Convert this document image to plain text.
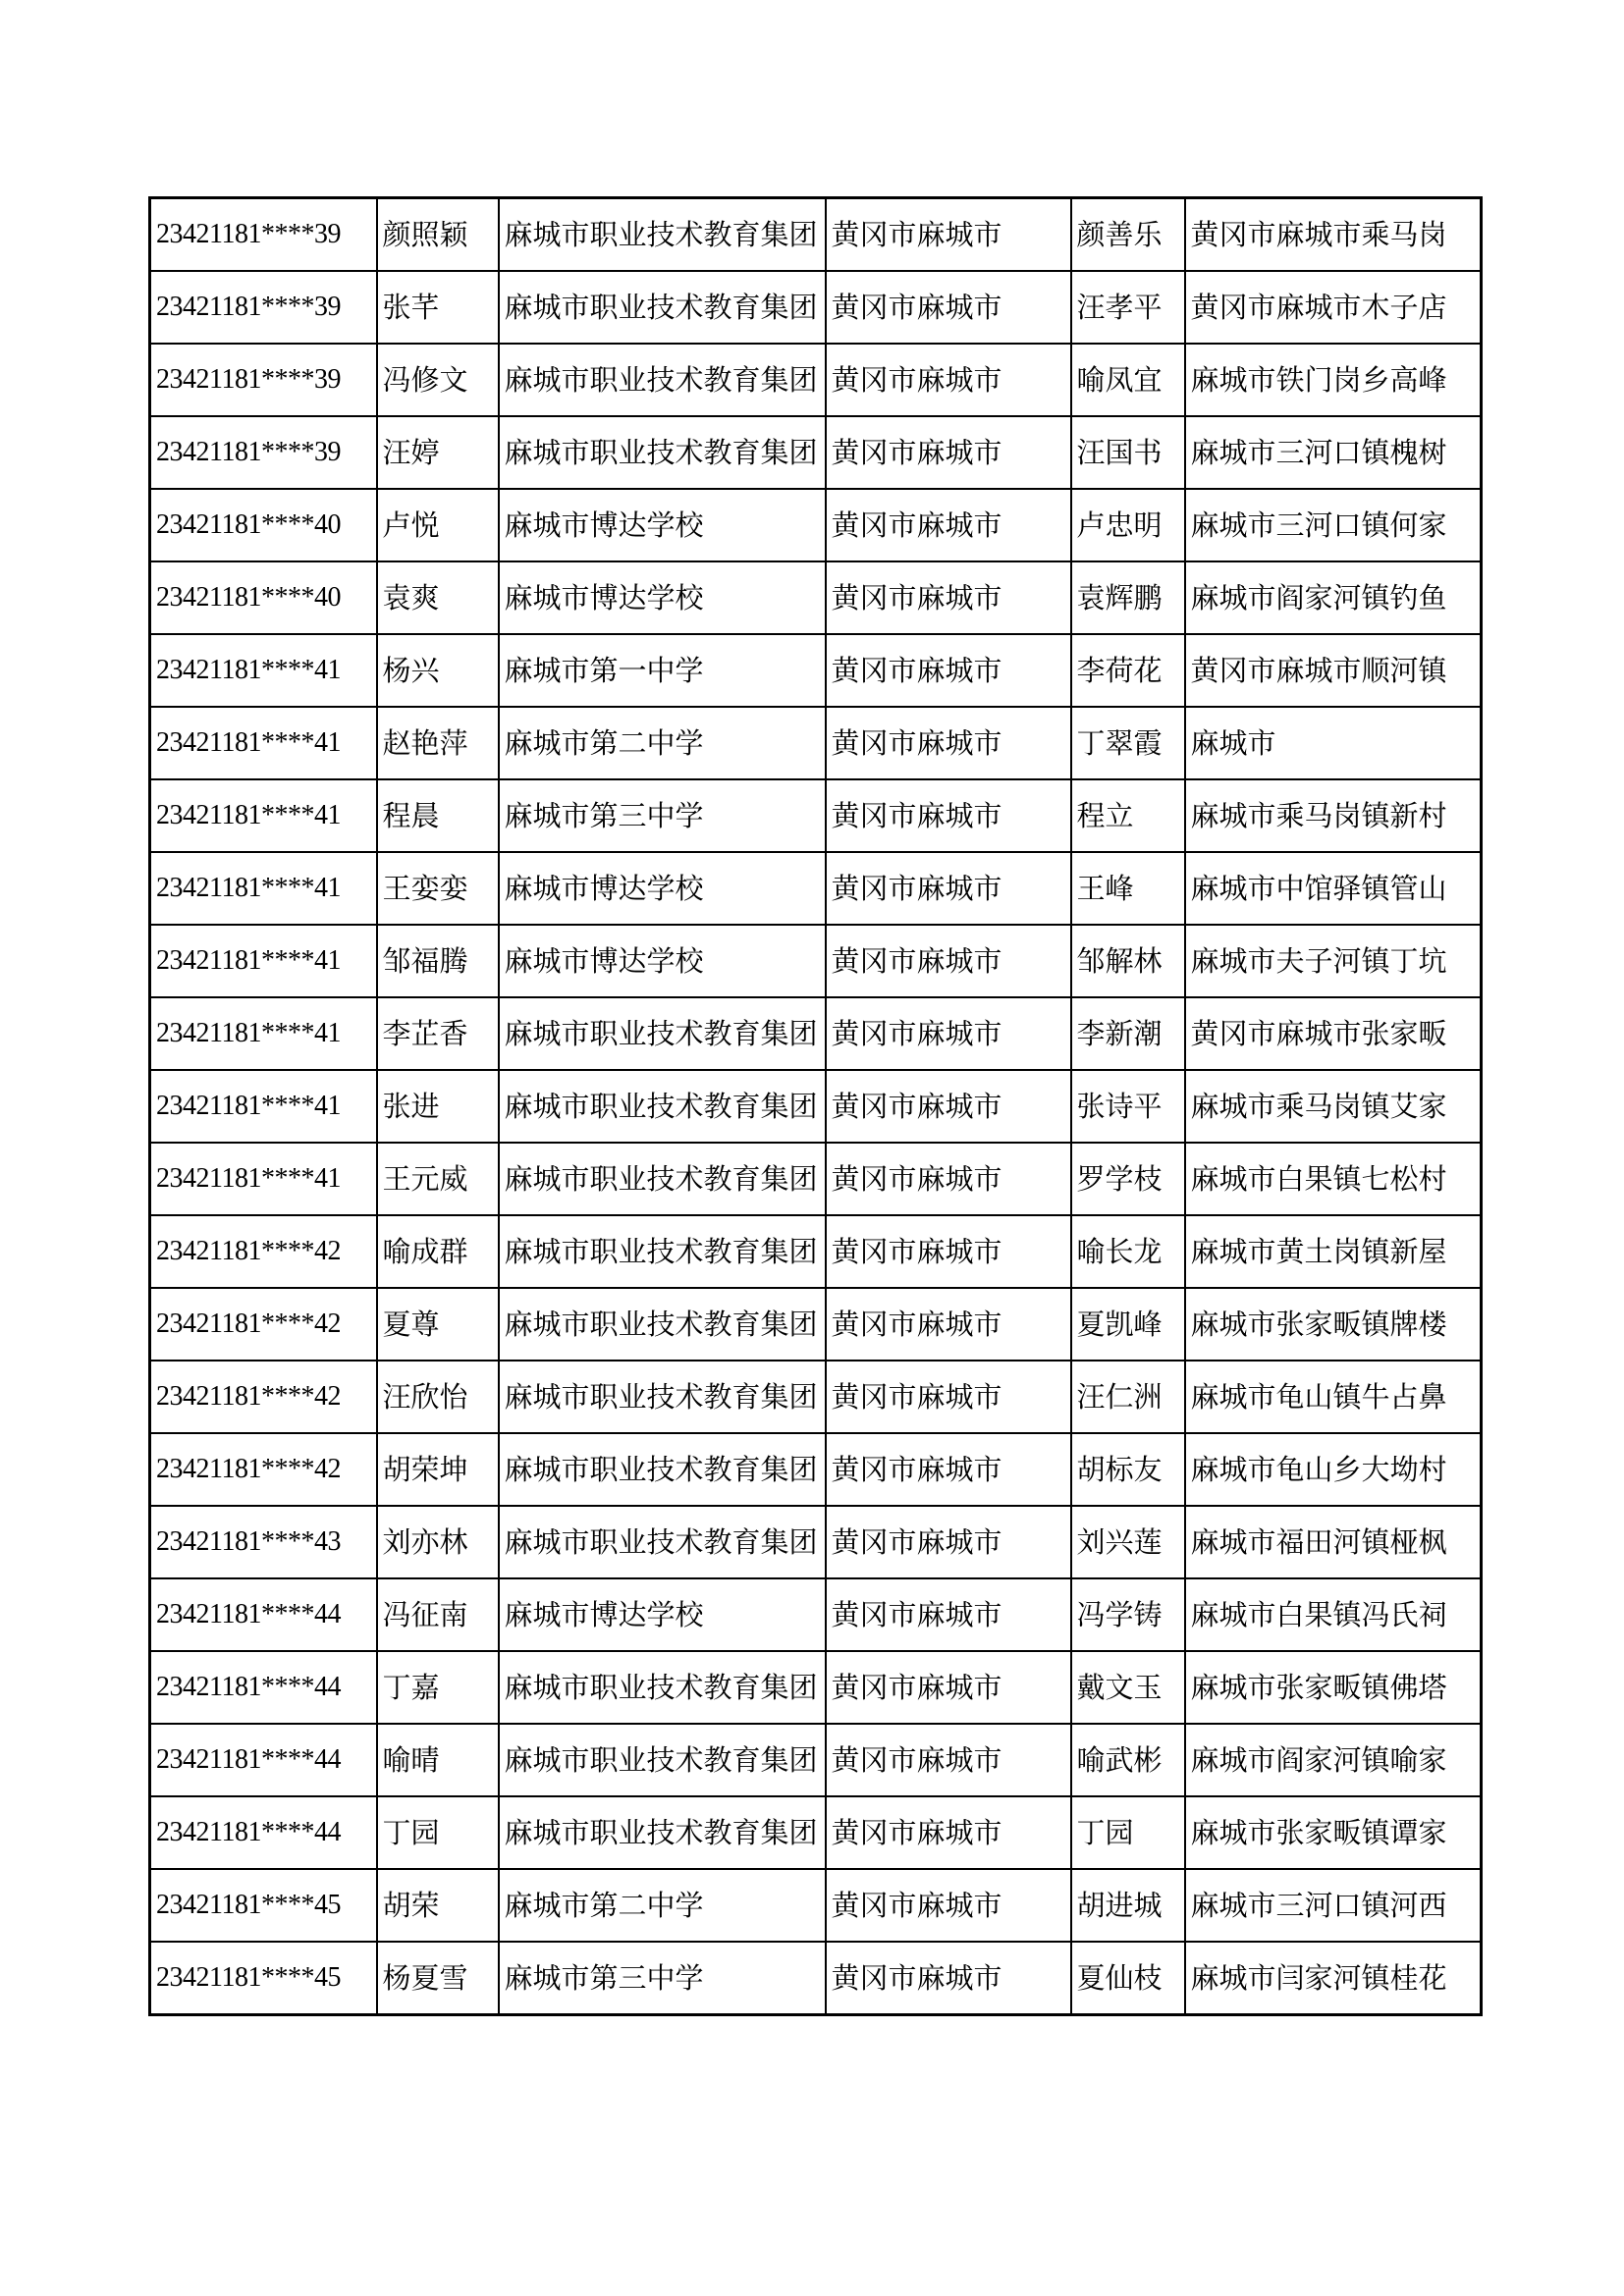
23421181****39	颜照颖	麻城市职业技术教育集团	黄冈市麻城市	颜善乐	黄冈市麻城市乘马岗
23421181****39	张芊	麻城市职业技术教育集团	黄冈市麻城市	汪孝平	黄冈市麻城市木子店
23421181****39	冯修文	麻城市职业技术教育集团	黄冈市麻城市	喻凤宜	麻城市铁门岗乡高峰
23421181****39	汪婷	麻城市职业技术教育集团	黄冈市麻城市	汪国书	麻城市三河口镇槐树
23421181****40	卢悦	麻城市博达学校	黄冈市麻城市	卢忠明	麻城市三河口镇何家
23421181****40	袁爽	麻城市博达学校	黄冈市麻城市	袁辉鹏	麻城市阎家河镇钓鱼
23421181****41	杨兴	麻城市第一中学	黄冈市麻城市	李荷花	黄冈市麻城市顺河镇
23421181****41	赵艳萍	麻城市第二中学	黄冈市麻城市	丁翠霞	麻城市
23421181****41	程晨	麻城市第三中学	黄冈市麻城市	程立	麻城市乘马岗镇新村
23421181****41	王娈娈	麻城市博达学校	黄冈市麻城市	王峰	麻城市中馆驿镇管山
23421181****41	邹福腾	麻城市博达学校	黄冈市麻城市	邹解林	麻城市夫子河镇丁坑
23421181****41	李芷香	麻城市职业技术教育集团	黄冈市麻城市	李新潮	黄冈市麻城市张家畈
23421181****41	张进	麻城市职业技术教育集团	黄冈市麻城市	张诗平	麻城市乘马岗镇艾家
23421181****41	王元威	麻城市职业技术教育集团	黄冈市麻城市	罗学枝	麻城市白果镇七松村
23421181****42	喻成群	麻城市职业技术教育集团	黄冈市麻城市	喻长龙	麻城市黄土岗镇新屋
23421181****42	夏尊	麻城市职业技术教育集团	黄冈市麻城市	夏凯峰	麻城市张家畈镇牌楼
23421181****42	汪欣怡	麻城市职业技术教育集团	黄冈市麻城市	汪仁洲	麻城市龟山镇牛占鼻
23421181****42	胡荣坤	麻城市职业技术教育集团	黄冈市麻城市	胡标友	麻城市龟山乡大坳村
23421181****43	刘亦林	麻城市职业技术教育集团	黄冈市麻城市	刘兴莲	麻城市福田河镇桠枫
23421181****44	冯征南	麻城市博达学校	黄冈市麻城市	冯学铸	麻城市白果镇冯氏祠
23421181****44	丁嘉	麻城市职业技术教育集团	黄冈市麻城市	戴文玉	麻城市张家畈镇佛塔
23421181****44	喻晴	麻城市职业技术教育集团	黄冈市麻城市	喻武彬	麻城市阎家河镇喻家
23421181****44	丁园	麻城市职业技术教育集团	黄冈市麻城市	丁园	麻城市张家畈镇谭家
23421181****45	胡荣	麻城市第二中学	黄冈市麻城市	胡进城	麻城市三河口镇河西
23421181****45	杨夏雪	麻城市第三中学	黄冈市麻城市	夏仙枝	麻城市闫家河镇桂花
